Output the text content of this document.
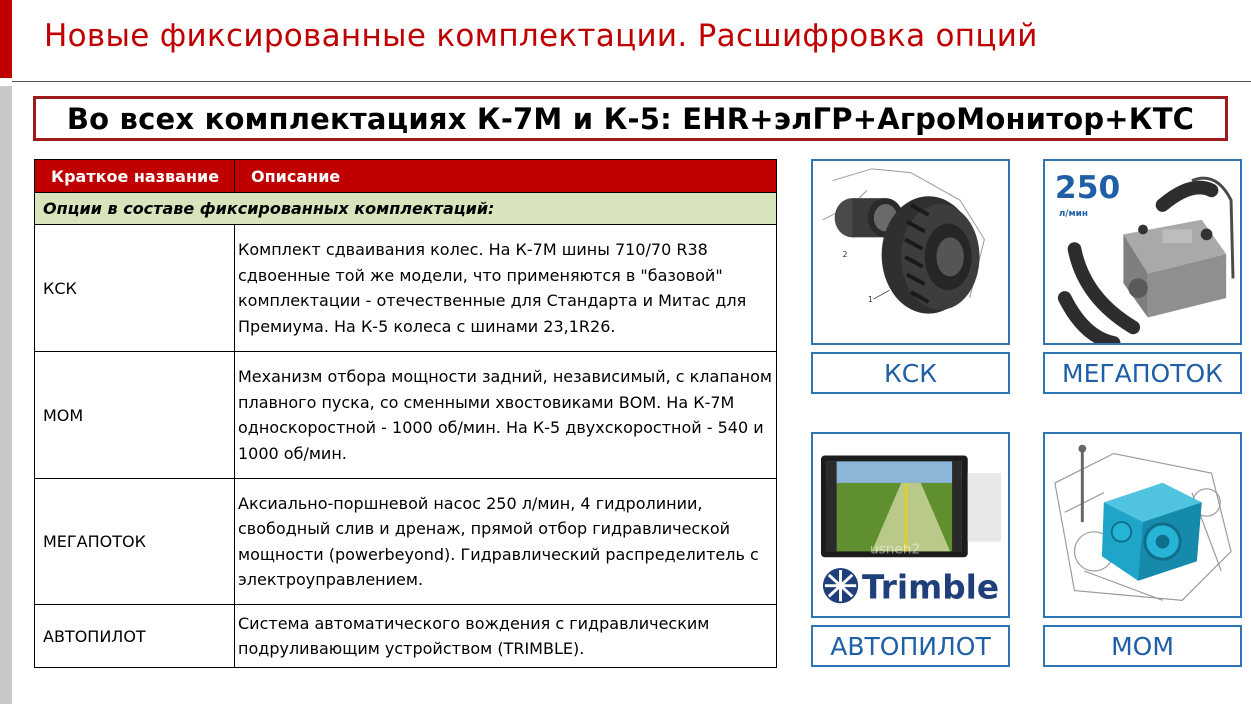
Новые фиксированные комплектации. Расшифровка опций
Во всех комплектациях К-7М и К-5: EHR+элГР+АгроМонитор+КТС
Краткое название	Описание
Опции в составе фиксированных комплектаций:	
КСК	Комплект сдваивания колес. На К-7М шины 710/70 R38 сдвоенные той же модели, что применяются в "базовой" комплектации - отечественные для Стандарта и Митас для Премиума. На К-5 колеса с шинами 23,1R26.
МОМ	Механизм отбора мощности задний, независимый, с клапаном плавного пуска, со сменными хвостовиками ВОМ. На К-7М односкоростной - 1000 об/мин. На К-5 двухскоростной - 540 и 1000 об/мин.
МЕГАПОТОК	Аксиально-поршневой насос 250 л/мин, 4 гидролинии, свободный слив и дренаж, прямой отбор гидравлической мощности (powerbeyond). Гидравлический распределитель с электроуправлением.
АВТОПИЛОТ	Система автоматического вождения с гидравлическим подруливающим устройством (TRIMBLE).
2
1
КСК
250
л/мин
МЕГАПОТОК
usneh2
Trimble
АВТОПИЛОТ	МОМ
